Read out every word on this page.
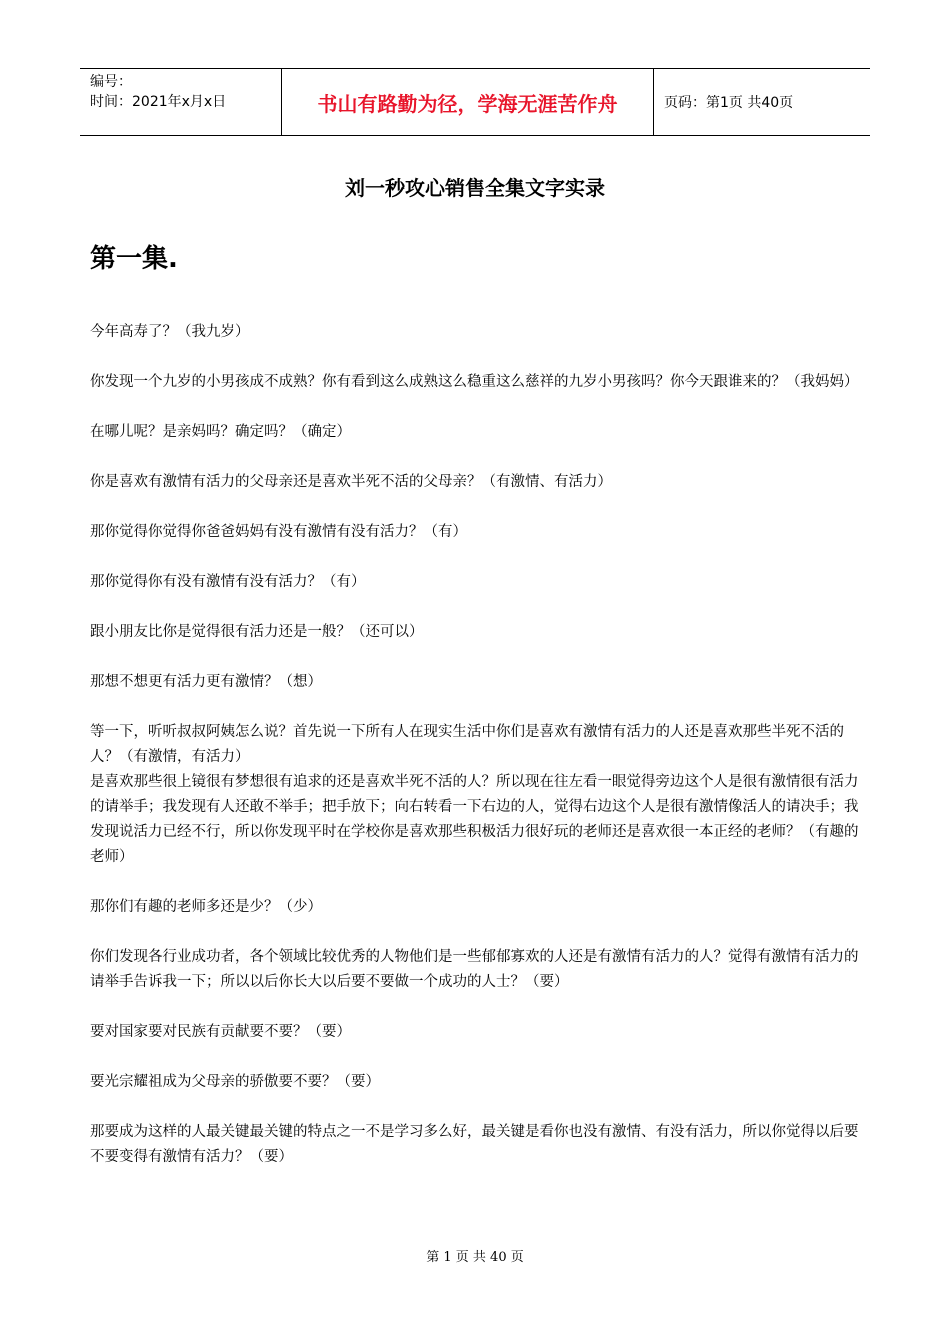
编号：
时间：2021年x月x日	书山有路勤为径，学海无涯苦作舟	页码：第1页 共40页
刘一秒攻心销售全集文字实录
第一集.

今年高寿了？（我九岁）

你发现一个九岁的小男孩成不成熟？你有看到这么成熟这么稳重这么慈祥的九岁小男孩吗？你今天跟谁来的？（我妈妈）

在哪儿呢？是亲妈吗？确定吗？（确定）

你是喜欢有激情有活力的父母亲还是喜欢半死不活的父母亲？（有激情、有活力）

那你觉得你觉得你爸爸妈妈有没有激情有没有活力？（有）

那你觉得你有没有激情有没有活力？（有）

跟小朋友比你是觉得很有活力还是一般？（还可以）

那想不想更有活力更有激情？（想）

等一下，听听叔叔阿姨怎么说？首先说一下所有人在现实生活中你们是喜欢有激情有活力的人还是喜欢那些半死不活的人？（有激情，有活力）

是喜欢那些很上镜很有梦想很有追求的还是喜欢半死不活的人？所以现在往左看一眼觉得旁边这个人是很有激情很有活力的请举手；我发现有人还敢不举手；把手放下；向右转看一下右边的人，觉得右边这个人是很有激情像活人的请决手；我发现说活力已经不行，所以你发现平时在学校你是喜欢那些积极活力很好玩的老师还是喜欢很一本正经的老师？（有趣的老师）

那你们有趣的老师多还是少？（少）

你们发现各行业成功者，各个领域比较优秀的人物他们是一些郁郁寡欢的人还是有激情有活力的人？觉得有激情有活力的请举手告诉我一下；所以以后你长大以后要不要做一个成功的人士？（要）

要对国家要对民族有贡献要不要？（要）

要光宗耀祖成为父母亲的骄傲要不要？（要）

那要成为这样的人最关键最关键的特点之一不是学习多么好，最关键是看你也没有激情、有没有活力，所以你觉得以后要不要变得有激情有活力？（要）

第 1 页 共 40 页
